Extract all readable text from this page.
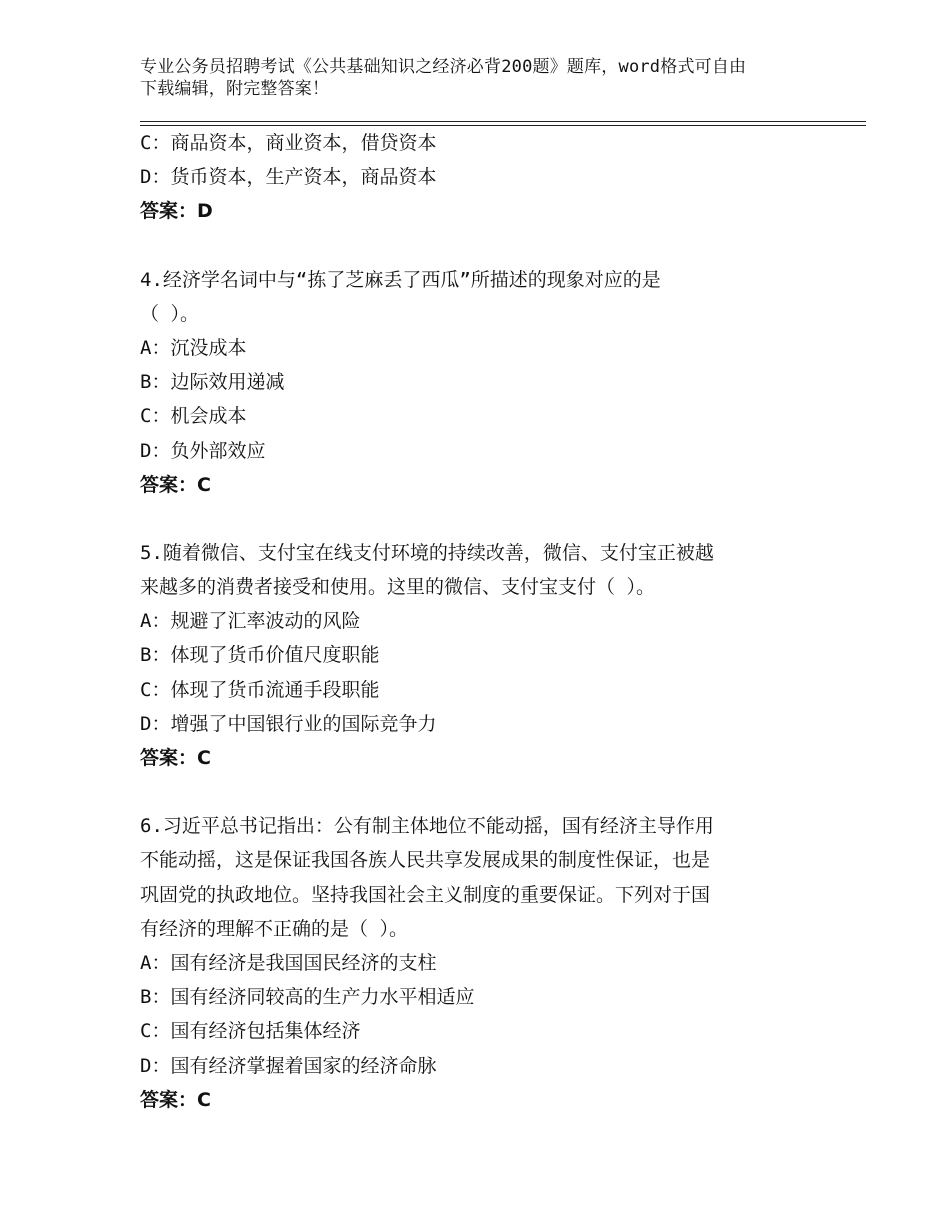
专业公务员招聘考试《公共基础知识之经济必背200题》题库，word格式可自由
下载编辑，附完整答案！
C：商品资本，商业资本，借贷资本
D：货币资本，生产资本，商品资本
答案：D
4.经济学名词中与“拣了芝麻丢了西瓜”所描述的现象对应的是
（ ）。
A：沉没成本
B：边际效用递减
C：机会成本
D：负外部效应
答案：C
5.随着微信、支付宝在线支付环境的持续改善，微信、支付宝正被越
来越多的消费者接受和使用。这里的微信、支付宝支付（ ）。
A：规避了汇率波动的风险
B：体现了货币价值尺度职能
C：体现了货币流通手段职能
D：增强了中国银行业的国际竞争力
答案：C
6.习近平总书记指出：公有制主体地位不能动摇，国有经济主导作用
不能动摇，这是保证我国各族人民共享发展成果的制度性保证，也是
巩固党的执政地位。坚持我国社会主义制度的重要保证。下列对于国
有经济的理解不正确的是（ ）。
A：国有经济是我国国民经济的支柱
B：国有经济同较高的生产力水平相适应
C：国有经济包括集体经济
D：国有经济掌握着国家的经济命脉
答案：C
